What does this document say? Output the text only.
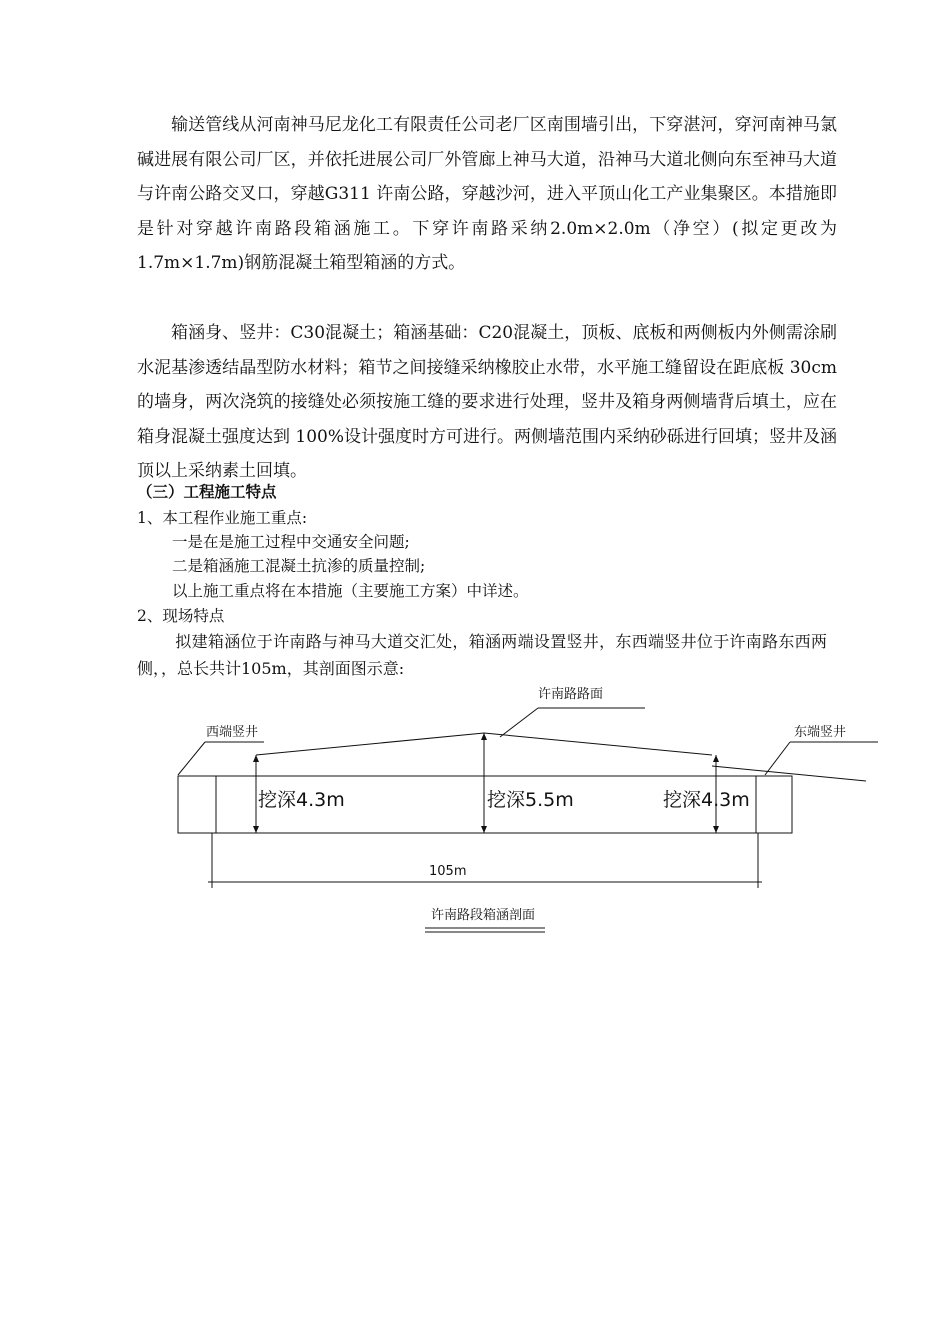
输送管线从河南神马尼龙化工有限责任公司老厂区南围墙引出，下穿湛河，穿河南神马氯碱进展有限公司厂区，并依托进展公司厂外管廊上神马大道，沿神马大道北侧向东至神马大道与许南公路交叉口，穿越G311 许南公路，穿越沙河，进入平顶山化工产业集聚区。本措施即是针对穿越许南路段箱涵施工。下穿许南路采纳2.0m×2.0m（净空）(拟定更改为1.7m×1.7m)钢筋混凝土箱型箱涵的方式。
箱涵身、竖井：C30混凝土；箱涵基础：C20混凝土，顶板、底板和两侧板内外侧需涂刷水泥基渗透结晶型防水材料；箱节之间接缝采纳橡胶止水带，水平施工缝留设在距底板 30cm 的墙身，两次浇筑的接缝处必须按施工缝的要求进行处理，竖井及箱身两侧墙背后填土，应在箱身混凝土强度达到 100%设计强度时方可进行。两侧墙范围内采纳砂砾进行回填；竖井及涵顶以上采纳素土回填。
（三）工程施工特点
1、本工程作业施工重点:
一是在是施工过程中交通安全问题;
二是箱涵施工混凝土抗渗的质量控制;
以上施工重点将在本措施（主要施工方案）中详述。
2、现场特点
拟建箱涵位于许南路与神马大道交汇处，箱涵两端设置竖井，东西端竖井位于许南路东西两侧，，总长共计105m，其剖面图示意:
许南路路面
西端竖井	东端竖井
挖深4.3m	挖深5.5m	挖深4.3m
105m
许南路段箱涵剖面
